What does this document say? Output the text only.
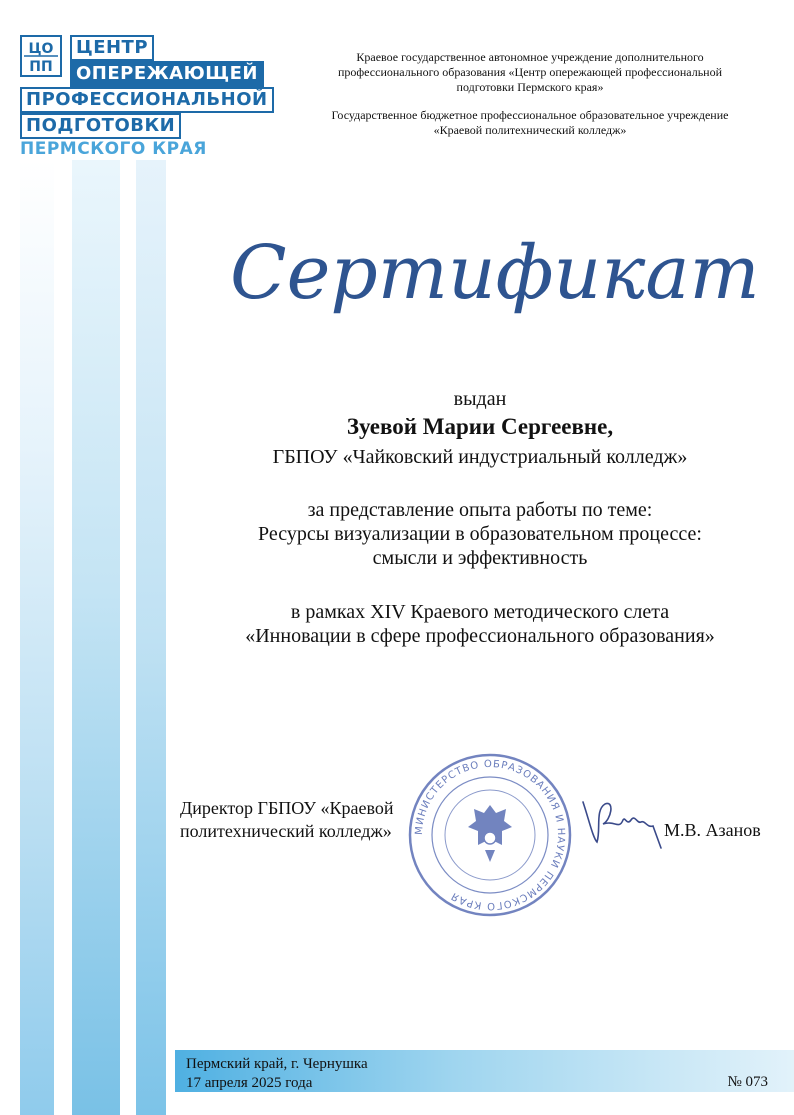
ЦО
ПП
ЦЕНТР
ОПЕРЕЖАЮЩЕЙ
ПРОФЕССИОНАЛЬНОЙ
ПОДГОТОВКИ
ПЕРМСКОГО КРАЯ
Краевое государственное автономное учреждение дополнительного
профессионального образования «Центр опережающей профессиональной
подготовки Пермского края»
Государственное бюджетное профессиональное образовательное учреждение
«Краевой политехнический колледж»
Сертификат
выдан
Зуевой Марии Сергеевне,
ГБПОУ «Чайковский индустриальный колледж»
за представление опыта работы по теме:
Ресурсы визуализации в образовательном процессе:
смысли и эффективность
в рамках XIV Краевого методического слета
«Инновации в сфере профессионального образования»
Директор ГБПОУ «Краевой
политехнический колледж»	МИНИСТЕРСТВО ОБРАЗОВАНИЯ И НАУКИ ПЕРМСКОГО КРАЯ
М.В. Азанов
Пермский край, г. Чернушка
17 апреля 2025 года	№ 073
